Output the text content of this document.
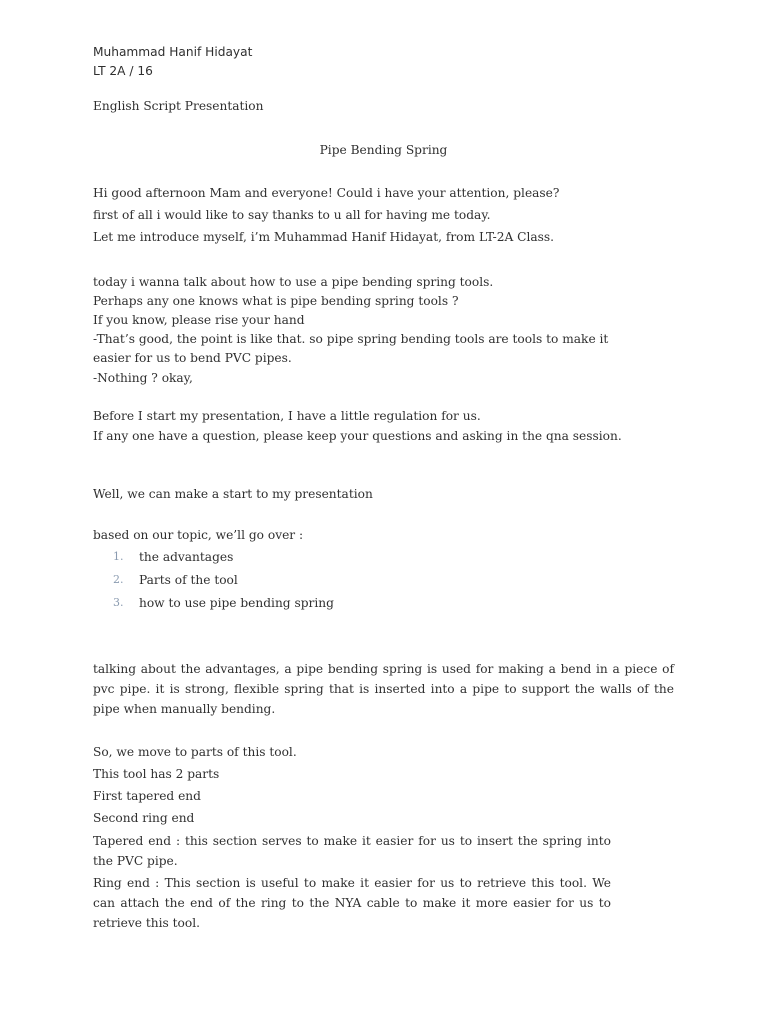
Muhammad Hanif Hidayat
LT 2A / 16
English Script Presentation
Pipe Bending Spring
Hi good afternoon Mam and everyone! Could i have your attention, please?
first of all i would like to say thanks to u all for having me today.
Let me introduce myself, i’m Muhammad Hanif Hidayat, from LT-2A Class.
today i wanna talk about how to use a pipe bending spring tools.
Perhaps any one knows what is pipe bending spring tools ?
If you know, please rise your hand
-That’s good, the point is like that. so pipe spring bending tools are tools to make it
easier for us to bend PVC pipes.
-Nothing ? okay,
Before I start my presentation, I have a little regulation for us.
If any one have a question, please keep your questions and asking in the qna session.
Well, we can make a start to my presentation
based on our topic, we’ll go over :
1. the advantages
2. Parts of the tool
3. how to use pipe bending spring
talking about the advantages, a pipe bending spring is used for making a bend in a piece of pvc pipe. it is strong, flexible spring that is inserted into a pipe to support the walls of the pipe when manually bending.
So, we move to parts of this tool.
This tool has 2 parts
First tapered end
Second ring end
Tapered end : this section serves to make it easier for us to insert the spring into the PVC pipe.
Ring end : This section is useful to make it easier for us to retrieve this tool. We can attach the end of the ring to the NYA cable to make it more easier for us to retrieve this tool.
